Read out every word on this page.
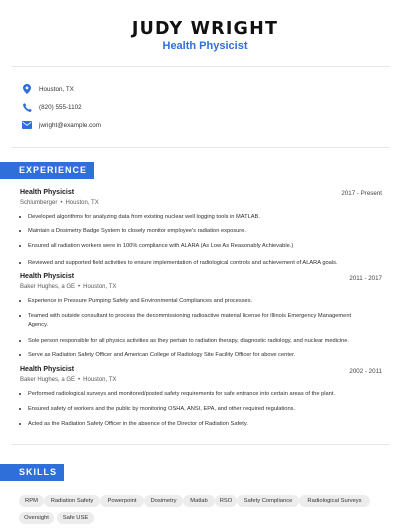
JUDY WRIGHT
Health Physicist
Houston, TX
(820) 555-1102
jwright@example.com
EXPERIENCE
Health Physicist	2017 - Present
Schlumberger • Houston, TX
Developed algorithms for analyzing data from existing nuclear well logging tools in MATLAB.
Maintain a Dosimetry Badge System to closely monitor employee's radiation exposure.
Ensured all radiation workers were in 100% compliance with ALARA (As Low As Reasonably Achievable.)
Reviewed and supported field activities to ensure implementation of radiological controls and achievement of ALARA goals.
Health Physicist	2011 - 2017
Baker Hughes, a GE • Houston, TX
Experience in Pressure Pumping Safety and Environmental Compliances and processes.
Teamed with outside consultant to process the decommissioning radioactive material license for Illinois Emergency Management Agency.
Sole person responsible for all physics activities as they pertain to radiation therapy, diagnostic radiology, and nuclear medicine.
Serve as Radiation Safety Officer and American College of Radiology Site Facility Officer for above center.
Health Physicist	2002 - 2011
Baker Hughes, a GE • Houston, TX
Performed radiological surveys and monitored/posted safety requirements for safe entrance into certain areas of the plant.
Ensured safety of workers and the public by monitoring OSHA, ANSI, EPA, and other required regulations.
Acted as the Radiation Safety Officer in the absence of the Director of Radiation Safety.
SKILLS
RPM	Radiation Safety	Powerpoint	Dosimetry	Matlab	RSO	Safety Compliance	Radiological Surveys
Oversight	Safe USE
